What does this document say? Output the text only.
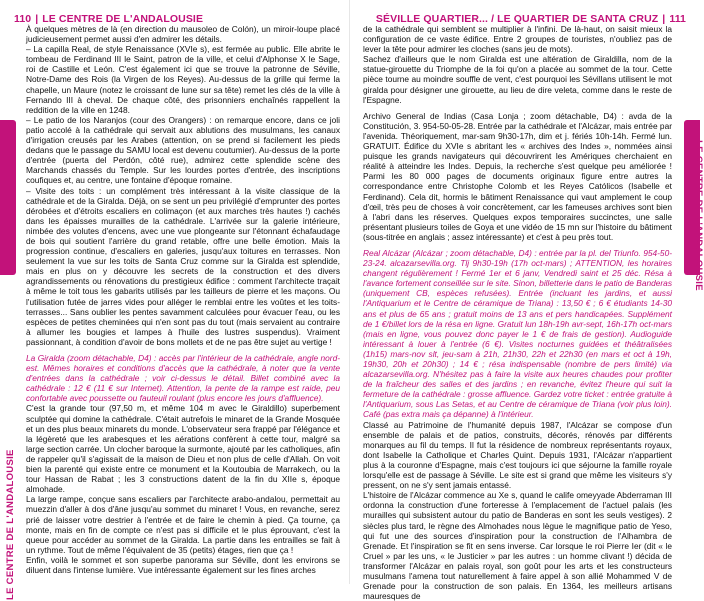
110 | LE CENTRE DE L'ANDALOUSIE

À quelques mètres de là (en direction du mausoleo de Colón), un miroir-loupe placé judicieusement permet aussi d'en admirer les détails.

– La capilla Real, de style Renaissance (XVIe s), est fermée au public. Elle abrite le tombeau de Ferdinand III le Saint, patron de la ville, et celui d'Alphonse X le Sage, roi de Castille et León. C'est également ici que se trouve la patronne de Séville, Notre-Dame des Rois (la Virgen de los Reyes). Au-dessus de la grille qui ferme la chapelle, un Maure (notez le croissant de lune sur sa tête) remet les clés de la ville à Fernando III à cheval. De chaque côté, des prisonniers enchaînés rappellent la reddition de la ville en 1248.

– Le patio de los Naranjos (cour des Orangers) : on remarque encore, dans ce joli patio accolé à la cathédrale qui servait aux ablutions des musulmans, les canaux d'irrigation creusés par les Arabes (attention, on se prend si facilement les pieds dedans que le passage du SAMU local est devenu coutumier). Au-dessus de la porte d'entrée (puerta del Perdón, côté rue), admirez cette splendide scène des Marchands chassés du Temple. Sur les lourdes portes d'entrée, des inscriptions coufiques et, au centre, une fontaine d'époque romaine.

– Visite des toits : un complément très intéressant à la visite classique de la cathédrale et de la Giralda. Déjà, on se sent un peu privilégié d'emprunter des portes dérobées et d'étroits escaliers en colimaçon (et aux marches très hautes !) cachés dans les épaisses murailles de la cathédrale. L'arrivée sur la galerie intérieure, nimbée des volutes d'encens, avec une vue plongeante sur l'étonnant échafaudage de bois qui soutient l'arrière du grand retable, offre une belle émotion. Mais la progression continue, d'escaliers en galeries, jusqu'aux toitures en terrasses. Non seulement la vue sur les toits de Santa Cruz comme sur la Giralda est splendide, mais en plus on y découvre les secrets de la construction et des divers agrandissements ou rénovations du prestigieux édifice : comment l'architecte traçait à même le toit tous les gabarits utilisés par les tailleurs de pierre et les maçons. Ou l'utilisation futée de jarres vides pour alléger le remblai entre les voûtes et les toits-terrasses... Sans oublier les pentes savamment calculées pour évacuer l'eau, ou les espèces de petites cheminées qui n'en sont pas du tout (mais servaient au contraire à allumer les bougies et lampes à l'huile des lustres suspendus). Vraiment passionnant, à condition d'avoir de bons mollets et de ne pas être sujet au vertige !

La Giralda (zoom détachable, D4) : accès par l'intérieur de la cathédrale, angle nord-est. Mêmes horaires et conditions d'accès que la cathédrale, à noter que la vente d'entrées dans la cathédrale ; voir ci-dessus le détail. Billet combiné avec la cathédrale : 12 € (11 € sur Internet). Attention, la pente de la rampe est raide, peu confortable avec poussette ou fauteuil roulant (plus encore les jours d'affluence).

C'est la grande tour (97,50 m, et même 104 m avec le Giraldillo) superbement sculptée qui domine la cathédrale. C'était autrefois le minaret de la Grande Mosquée et un des plus beaux minarets du monde. L'observateur sera frappé par l'élégance et la légèreté que les arabesques et les aérations confèrent à cette tour, malgré sa large section carrée. Un clocher baroque la surmonte, ajouté par les catholiques, afin de rappeler qu'il s'agissait de la maison de Dieu et non plus de celle d'Allah. On voit bien la parenté qui existe entre ce monument et la Koutoubia de Marrakech, ou la tour Hassan de Rabat ; les 3 constructions datent de la fin du XIIe s, époque almohade.

La large rampe, conçue sans escaliers par l'architecte arabo-andalou, permettait au muezzin d'aller à dos d'âne jusqu'au sommet du minaret ! Vous, en revanche, serez prié de laisser votre destrier à l'entrée et de faire le chemin à pied. Ça tourne, ça monte, mais en fin de compte ce n'est pas si difficile et le plus éprouvant, c'est la queue pour accéder au sommet de la Giralda. La partie dans les entrailles se fait à un rythme. Tout de même l'équivalent de 35 (petits) étages, rien que ça !

Enfin, voilà le sommet et son superbe panorama sur Séville, dont les environs se diluent dans l'intense lumière. Vue intéressante également sur les fines arches

LE CENTRE DE L'ANDALOUSIE
SÉVILLE QUARTIER... / LE QUARTIER DE SANTA CRUZ | 111

de la cathédrale qui semblent se multiplier à l'infini. De là-haut, on saisit mieux la configuration de ce vaste édifice. Entre 2 groupes de touristes, n'oubliez pas de lever la tête pour admirer les cloches (sans jeu de mots).

Sachez d'ailleurs que le nom Giralda est une altération de Giraldilla, nom de la statue-girouette du Triomphe de la foi qu'on a placée au sommet de la tour. Cette pièce tourne au moindre souffle de vent, c'est pourquoi les Sévillans utilisent le mot giralda pour désigner une girouette, au lieu de dire veleta, comme dans le reste de l'Espagne.

Archivo General de Indias (Casa Lonja ; zoom détachable, D4) : avda de la Constitución, 3. 954-50-05-28. Entrée par la cathédrale et l'Alcázar, mais entrée par l'avenida. Théoriquement, mar-sam 9h30-17h, dim et j. fériés 10h-14h. Fermé lun. GRATUIT. Édifice du XVIe s abritant les « archives des Indes », nommées ainsi puisque les grands navigateurs qui découvrirent les Amériques cherchaient en réalité à atteindre les Indes. Depuis, la recherche s'est quelque peu améliorée ! Parmi les 80 000 pages de documents originaux figure entre autres la correspondance entre Christophe Colomb et les Reyes Católicos (Isabelle et Ferdinand). Cela dit, hormis le bâtiment Renaissance qui vaut amplement le coup d'œil, très peu de choses à voir concrètement, car les fameuses archives sont bien à l'abri dans les réserves. Quelques expos temporaires succinctes, une salle présentant plusieurs toiles de Goya et une vidéo de 15 mn sur l'histoire du bâtiment (sous-titrée en anglais ; assez intéressante) et c'est à peu près tout.

Real Alcázar (Alcázar ; zoom détachable, D4) : entrée par la pl. del Triunfo. 954-50-23-24. alcazarsevilla.org. Tlj 9h30-19h (17h oct-mars) ; ATTENTION, les horaires changent régulièrement ! Fermé 1er et 6 janv, Vendredi saint et 25 déc. Résa à l'avance fortement conseillée sur le site. Sinon, billetterie dans le patio de Banderas (uniquement CB, espèces refusées). Entrée (incluant les jardins, et aussi l'Antiquarium et le Centre de céramique de Triana) : 13,50 € ; 6 € étudiants 14-30 ans et plus de 65 ans ; gratuit moins de 13 ans et pers handicapées. Supplément de 1 €/billet lors de la résa en ligne. Gratuit lun 18h-19h avr-sept, 16h-17h oct-mars (mais en ligne, vous pouvez donc payer le 1 € de frais de gestion). Audioguide intéressant à louer à l'entrée (6 €). Visites nocturnes guidées et théâtralisées (1h15) mars-nov slt, jeu-sam à 21h, 21h30, 22h et 22h30 (en mars et oct à 19h, 19h30, 20h et 20h30) ; 14 € ; résa indispensable (nombre de pers limité) via alcazarsevilla.org. N'hésitez pas à faire la visite aux heures chaudes pour profiter de la fraîcheur des salles et des jardins ; en revanche, évitez l'heure qui suit la fermeture de la cathédrale : grosse affluence. Gardez votre ticket : entrée gratuite à l'Antiquarium, sous Las Setas, et au Centre de céramique de Triana (voir plus loin). Café (pas extra mais ça dépanne) à l'intérieur.

Classé au Patrimoine de l'humanité depuis 1987, l'Alcázar se compose d'un ensemble de palais et de patios, construits, décorés, rénovés par différents monarques au fil du temps. Il fut la résidence de nombreux représentants royaux, dont Isabelle la Catholique et Charles Quint. Depuis 1931, l'Alcázar n'appartient plus à la couronne d'Espagne, mais c'est toujours ici que séjourne la famille royale lorsqu'elle est de passage à Séville. Le site est si grand que même les visiteurs s'y pressent, on ne s'y sent jamais entassé.

L'histoire de l'Alcázar commence au Xe s, quand le calife omeyyade Abderraman III ordonna la construction d'une forteresse à l'emplacement de l'actuel palais (les murailles qui subsistent autour du patio de Banderas en sont les seuls vestiges). 2 siècles plus tard, le règne des Almohades nous lègue le magnifique patio de Yeso, qui fut une des sources d'inspiration pour la construction de l'Alhambra de Grenade. Et l'inspiration se fit en sens inverse. Car lorsque le roi Pierre Ier (dit « le Cruel » par les uns, « le Justicier » par les autres : un homme clivant !) décida de transformer l'Alcázar en palais royal, son goût pour les arts et les constructeurs musulmans l'amena tout naturellement à faire appel à son allié Mohammed V de Grenade pour la construction de son palais. En 1364, les meilleurs artisans mauresques de

LE CENTRE DE L'ANDALOUSIE
